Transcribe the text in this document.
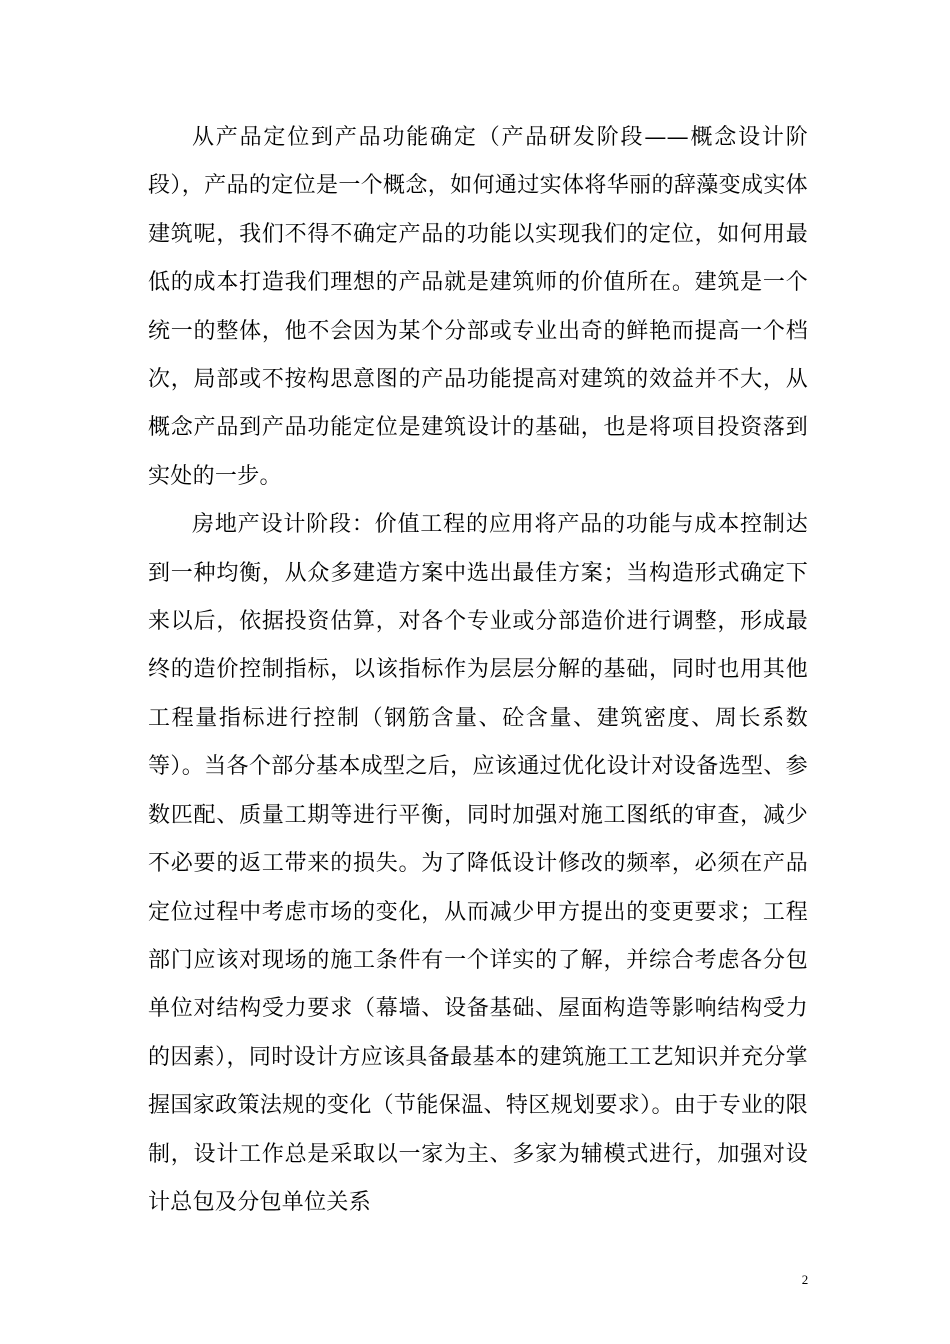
从产品定位到产品功能确定（产品研发阶段——概念设计阶段），产品的定位是一个概念，如何通过实体将华丽的辞藻变成实体建筑呢，我们不得不确定产品的功能以实现我们的定位，如何用最低的成本打造我们理想的产品就是建筑师的价值所在。建筑是一个统一的整体，他不会因为某个分部或专业出奇的鲜艳而提高一个档次，局部或不按构思意图的产品功能提高对建筑的效益并不大，从概念产品到产品功能定位是建筑设计的基础，也是将项目投资落到实处的一步。

房地产设计阶段：价值工程的应用将产品的功能与成本控制达到一种均衡，从众多建造方案中选出最佳方案；当构造形式确定下来以后，依据投资估算，对各个专业或分部造价进行调整，形成最终的造价控制指标，以该指标作为层层分解的基础，同时也用其他工程量指标进行控制（钢筋含量、砼含量、建筑密度、周长系数等）。当各个部分基本成型之后，应该通过优化设计对设备选型、参数匹配、质量工期等进行平衡，同时加强对施工图纸的审查，减少不必要的返工带来的损失。为了降低设计修改的频率，必须在产品定位过程中考虑市场的变化，从而减少甲方提出的变更要求；工程部门应该对现场的施工条件有一个详实的了解，并综合考虑各分包单位对结构受力要求（幕墙、设备基础、屋面构造等影响结构受力的因素），同时设计方应该具备最基本的建筑施工工艺知识并充分掌握国家政策法规的变化（节能保温、特区规划要求）。由于专业的限制，设计工作总是采取以一家为主、多家为辅模式进行，加强对设计总包及分包单位关系

2
